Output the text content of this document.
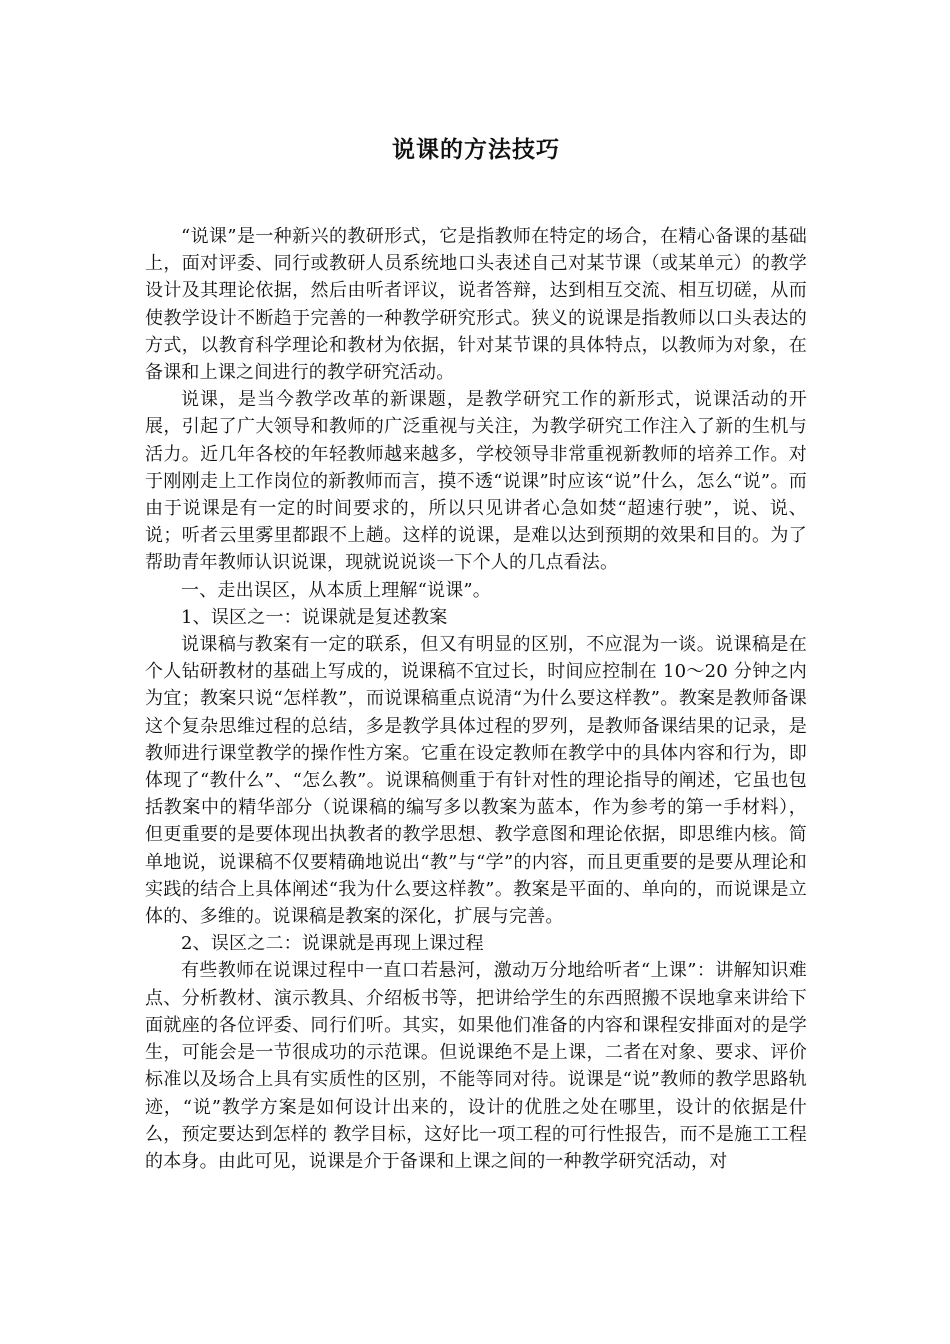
说课的方法技巧

“说课”是一种新兴的教研形式，它是指教师在特定的场合，在精心备课的基础上，面对评委、同行或教研人员系统地口头表述自己对某节课（或某单元）的教学设计及其理论依据，然后由听者评议，说者答辩，达到相互交流、相互切磋，从而使教学设计不断趋于完善的一种教学研究形式。狭义的说课是指教师以口头表达的方式，以教育科学理论和教材为依据，针对某节课的具体特点，以教师为对象，在备课和上课之间进行的教学研究活动。

说课，是当今教学改革的新课题，是教学研究工作的新形式，说课活动的开展，引起了广大领导和教师的广泛重视与关注，为教学研究工作注入了新的生机与活力。近几年各校的年轻教师越来越多，学校领导非常重视新教师的培养工作。对于刚刚走上工作岗位的新教师而言，摸不透“说课”时应该“说”什么，怎么“说”。而由于说课是有一定的时间要求的，所以只见讲者心急如焚“超速行驶”，说、说、说；听者云里雾里都跟不上趟。这样的说课，是难以达到预期的效果和目的。为了帮助青年教师认识说课，现就说说谈一下个人的几点看法。

一、走出误区，从本质上理解“说课”。

1、误区之一：说课就是复述教案

说课稿与教案有一定的联系，但又有明显的区别，不应混为一谈。说课稿是在个人钻研教材的基础上写成的，说课稿不宜过长，时间应控制在 10～20 分钟之内为宜；教案只说“怎样教”，而说课稿重点说清“为什么要这样教”。教案是教师备课这个复杂思维过程的总结，多是教学具体过程的罗列，是教师备课结果的记录，是教师进行课堂教学的操作性方案。它重在设定教师在教学中的具体内容和行为，即体现了“教什么”、“怎么教”。说课稿侧重于有针对性的理论指导的阐述，它虽也包括教案中的精华部分（说课稿的编写多以教案为蓝本，作为参考的第一手材料），但更重要的是要体现出执教者的教学思想、教学意图和理论依据，即思维内核。简单地说，说课稿不仅要精确地说出“教”与“学”的内容，而且更重要的是要从理论和实践的结合上具体阐述“我为什么要这样教”。教案是平面的、单向的，而说课是立体的、多维的。说课稿是教案的深化，扩展与完善。

2、误区之二：说课就是再现上课过程

有些教师在说课过程中一直口若悬河，激动万分地给听者“上课”：讲解知识难点、分析教材、演示教具、介绍板书等，把讲给学生的东西照搬不误地拿来讲给下面就座的各位评委、同行们听。其实，如果他们准备的内容和课程安排面对的是学生，可能会是一节很成功的示范课。但说课绝不是上课，二者在对象、要求、评价标准以及场合上具有实质性的区别，不能等同对待。说课是“说”教师的教学思路轨迹，“说”教学方案是如何设计出来的，设计的优胜之处在哪里，设计的依据是什么，预定要达到怎样的 教学目标，这好比一项工程的可行性报告，而不是施工工程的本身。由此可见，说课是介于备课和上课之间的一种教学研究活动，对
